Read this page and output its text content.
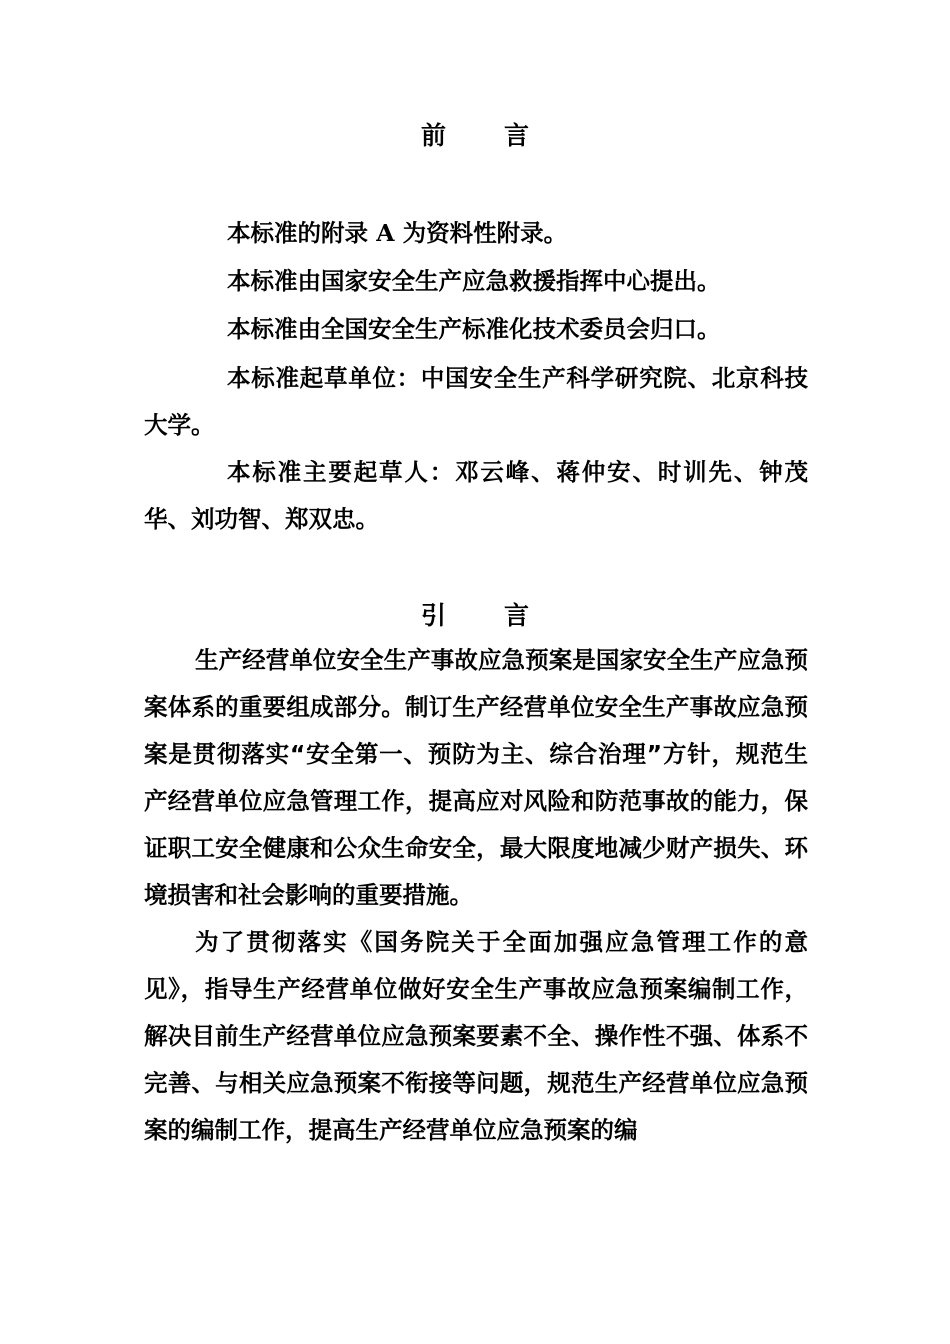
前 言

本标准的附录 A 为资料性附录。

本标准由国家安全生产应急救援指挥中心提出。

本标准由全国安全生产标准化技术委员会归口。

本标准起草单位：中国安全生产科学研究院、北京科技大学。

本标准主要起草人：邓云峰、蒋仲安、时训先、钟茂华、刘功智、郑双忠。

引 言

生产经营单位安全生产事故应急预案是国家安全生产应急预案体系的重要组成部分。制订生产经营单位安全生产事故应急预案是贯彻落实“安全第一、预防为主、综合治理”方针，规范生产经营单位应急管理工作，提高应对风险和防范事故的能力，保证职工安全健康和公众生命安全，最大限度地减少财产损失、环境损害和社会影响的重要措施。

为了贯彻落实《国务院关于全面加强应急管理工作的意见》，指导生产经营单位做好安全生产事故应急预案编制工作，解决目前生产经营单位应急预案要素不全、操作性不强、体系不完善、与相关应急预案不衔接等问题，规范生产经营单位应急预案的编制工作，提高生产经营单位应急预案的编
